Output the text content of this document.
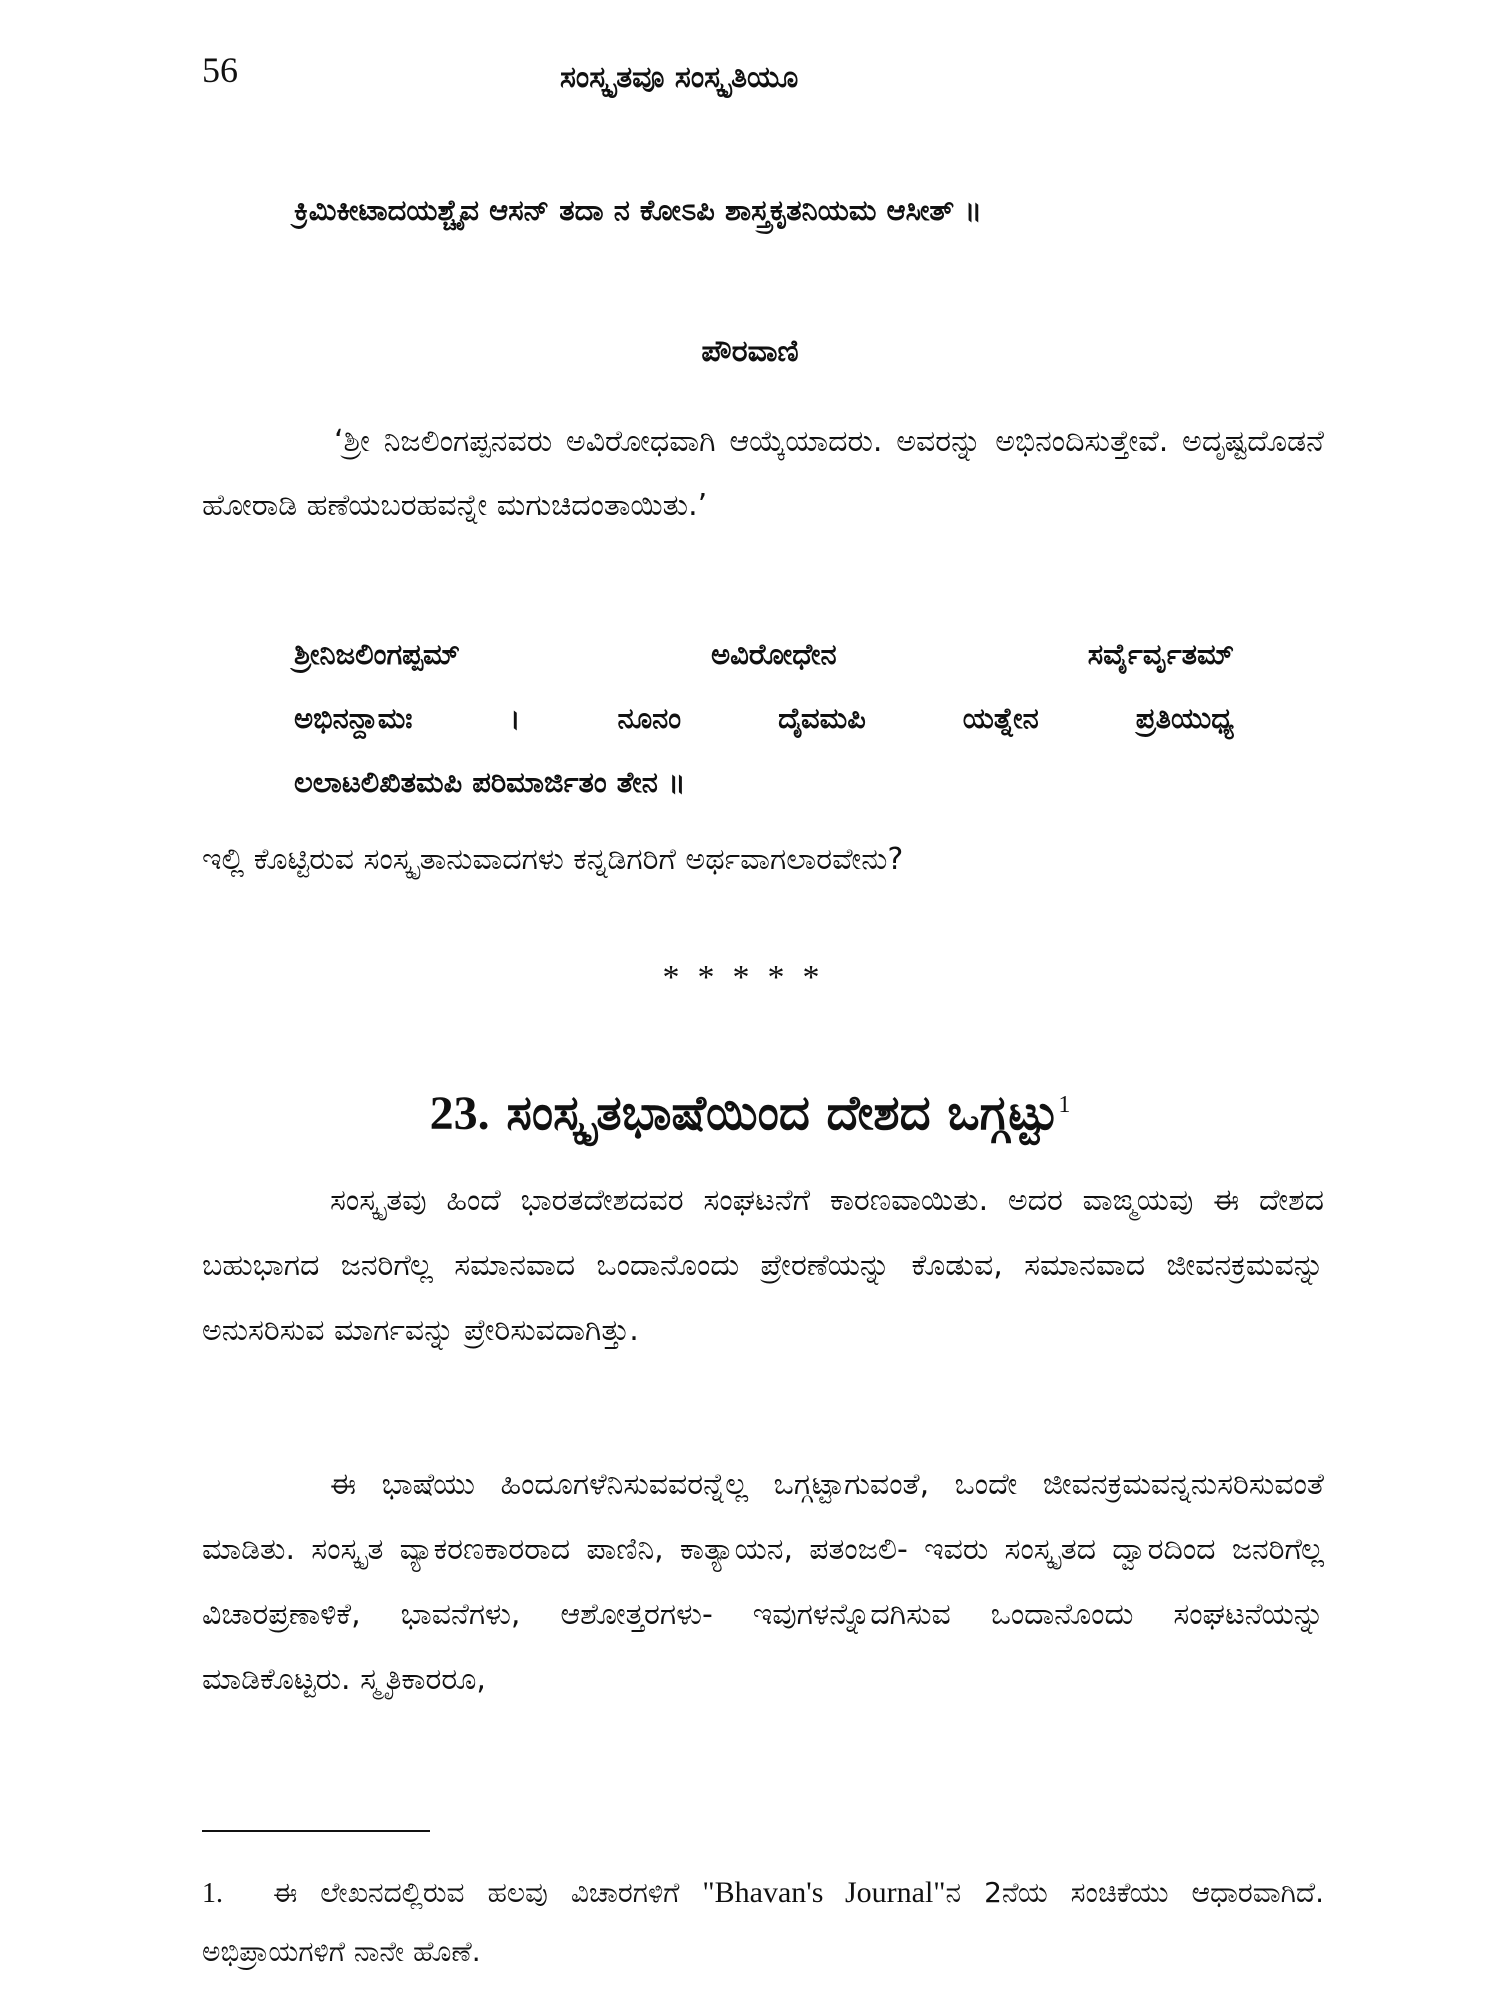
56	ಸಂಸ್ಕೃತವೂ ಸಂಸ್ಕೃತಿಯೂ
ಕ್ರಿಮಿಕೀಟಾದಯಶ್ಚೈವ ಆಸನ್ ತದಾ ನ ಕೋಽಪಿ ಶಾಸ್ತ್ರಕೃತನಿಯಮ ಆಸೀತ್ ॥
ಪೌರವಾಣಿ
‘ಶ್ರೀ ನಿಜಲಿಂಗಪ್ಪನವರು ಅವಿರೋಧವಾಗಿ ಆಯ್ಕೆಯಾದರು. ಅವರನ್ನು ಅಭಿನಂದಿಸುತ್ತೇವೆ. ಅದೃಷ್ಟದೊಡನೆ ಹೋರಾಡಿ ಹಣೆಯಬರಹವನ್ನೇ ಮಗುಚಿದಂತಾಯಿತು.’
ಶ್ರೀನಿಜಲಿಂಗಪ್ಪಮ್ ಅವಿರೋಧೇನ ಸರ್ವೈರ್ವೃತಮ್
ಅಭಿನನ್ದಾಮಃ । ನೂನಂ ದೈವಮಪಿ ಯತ್ನೇನ ಪ್ರತಿಯುಧ್ಯ
ಲಲಾಟಲಿಖಿತಮಪಿ ಪರಿಮಾರ್ಜಿತಂ ತೇನ ॥
ಇಲ್ಲಿ ಕೊಟ್ಟಿರುವ ಸಂಸ್ಕೃತಾನುವಾದಗಳು ಕನ್ನಡಿಗರಿಗೆ ಅರ್ಥವಾಗಲಾರವೇನು?
*****
23. ಸಂಸ್ಕೃತಭಾಷೆಯಿಂದ ದೇಶದ ಒಗ್ಗಟ್ಟು$^1$
ಸಂಸ್ಕೃತವು ಹಿಂದೆ ಭಾರತದೇಶದವರ ಸಂಘಟನೆಗೆ ಕಾರಣವಾಯಿತು. ಅದರ ವಾಙ್ಮಯವು ಈ ದೇಶದ ಬಹುಭಾಗದ ಜನರಿಗೆಲ್ಲ ಸಮಾನವಾದ ಒಂದಾನೊಂದು ಪ್ರೇರಣೆಯನ್ನು ಕೊಡುವ, ಸಮಾನವಾದ ಜೀವನಕ್ರಮವನ್ನು ಅನುಸರಿಸುವ ಮಾರ್ಗವನ್ನು ಪ್ರೇರಿಸುವದಾಗಿತ್ತು.
ಈ ಭಾಷೆಯು ಹಿಂದೂಗಳೆನಿಸುವವರನ್ನೆಲ್ಲ ಒಗ್ಗಟ್ಟಾಗುವಂತೆ, ಒಂದೇ ಜೀವನಕ್ರಮವನ್ನನುಸರಿಸುವಂತೆ ಮಾಡಿತು. ಸಂಸ್ಕೃತ ವ್ಯಾಕರಣಕಾರರಾದ ಪಾಣಿನಿ, ಕಾತ್ಯಾಯನ, ಪತಂಜಲಿ- ಇವರು ಸಂಸ್ಕೃತದ ದ್ವಾರದಿಂದ ಜನರಿಗೆಲ್ಲ ವಿಚಾರಪ್ರಣಾಳಿಕೆ, ಭಾವನೆಗಳು, ಆಶೋತ್ತರಗಳು- ಇವುಗಳನ್ನೊದಗಿಸುವ ಒಂದಾನೊಂದು ಸಂಘಟನೆಯನ್ನು ಮಾಡಿಕೊಟ್ಟರು. ಸ್ಮೃತಿಕಾರರೂ,
1. ಈ ಲೇಖನದಲ್ಲಿರುವ ಹಲವು ವಿಚಾರಗಳಿಗೆ "Bhavan's Journal"ನ 2ನೆಯ ಸಂಚಿಕೆಯು ಆಧಾರವಾಗಿದೆ. ಅಭಿಪ್ರಾಯಗಳಿಗೆ ನಾನೇ ಹೊಣೆ.
